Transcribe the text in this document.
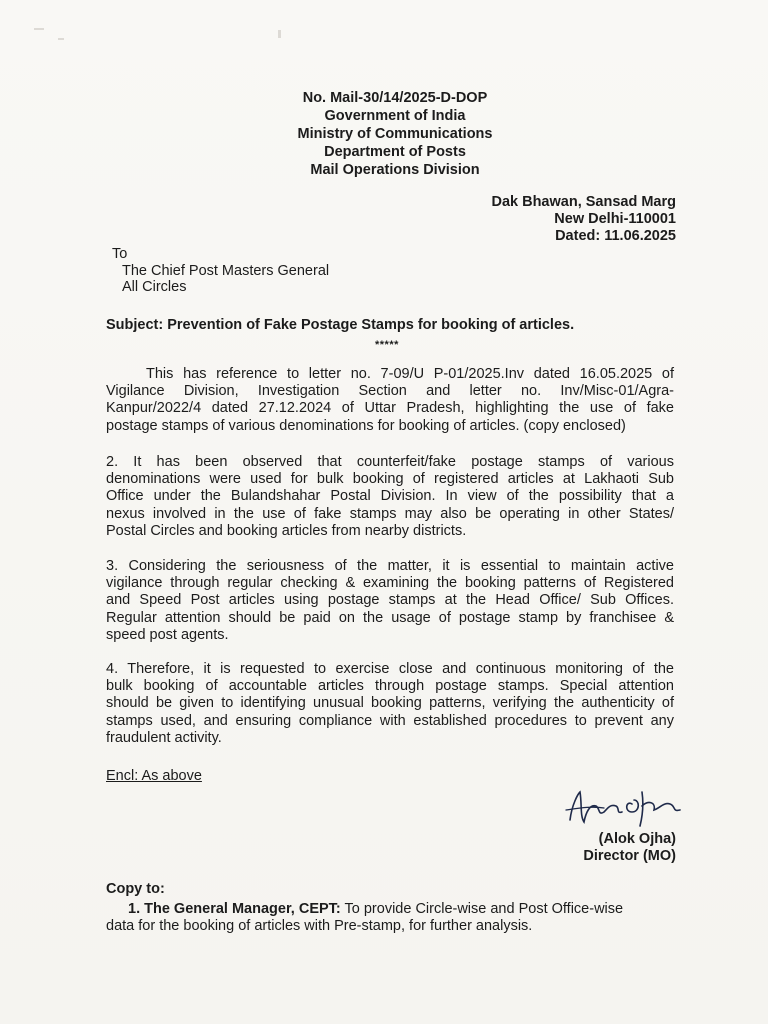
No. Mail-30/14/2025-D-DOP
Government of India
Ministry of Communications
Department of Posts
Mail Operations Division
Dak Bhawan, Sansad Marg
New Delhi-110001
Dated: 11.06.2025
To
The Chief Post Masters General
All Circles
Subject: Prevention of Fake Postage Stamps for booking of articles.
*****
This has reference to letter no. 7-09/U P-01/2025.Inv dated 16.05.2025 of
Vigilance Division, Investigation Section and letter no. Inv/Misc-01/Agra-
Kanpur/2022/4 dated 27.12.2024 of Uttar Pradesh, highlighting the use of fake
postage stamps of various denominations for booking of articles. (copy enclosed)
2. It has been observed that counterfeit/fake postage stamps of various
denominations were used for bulk booking of registered articles at Lakhaoti Sub
Office under the Bulandshahar Postal Division. In view of the possibility that a
nexus involved in the use of fake stamps may also be operating in other States/
Postal Circles and booking articles from nearby districts.
3. Considering the seriousness of the matter, it is essential to maintain active
vigilance through regular checking & examining the booking patterns of Registered
and Speed Post articles using postage stamps at the Head Office/ Sub Offices.
Regular attention should be paid on the usage of postage stamp by franchisee &
speed post agents.
4. Therefore, it is requested to exercise close and continuous monitoring of the
bulk booking of accountable articles through postage stamps. Special attention
should be given to identifying unusual booking patterns, verifying the authenticity of
stamps used, and ensuring compliance with established procedures to prevent any
fraudulent activity.
Encl: As above
(Alok Ojha)
Director (MO)
Copy to:
1. The General Manager, CEPT: To provide Circle-wise and Post Office-wise
data for the booking of articles with Pre-stamp, for further analysis.
